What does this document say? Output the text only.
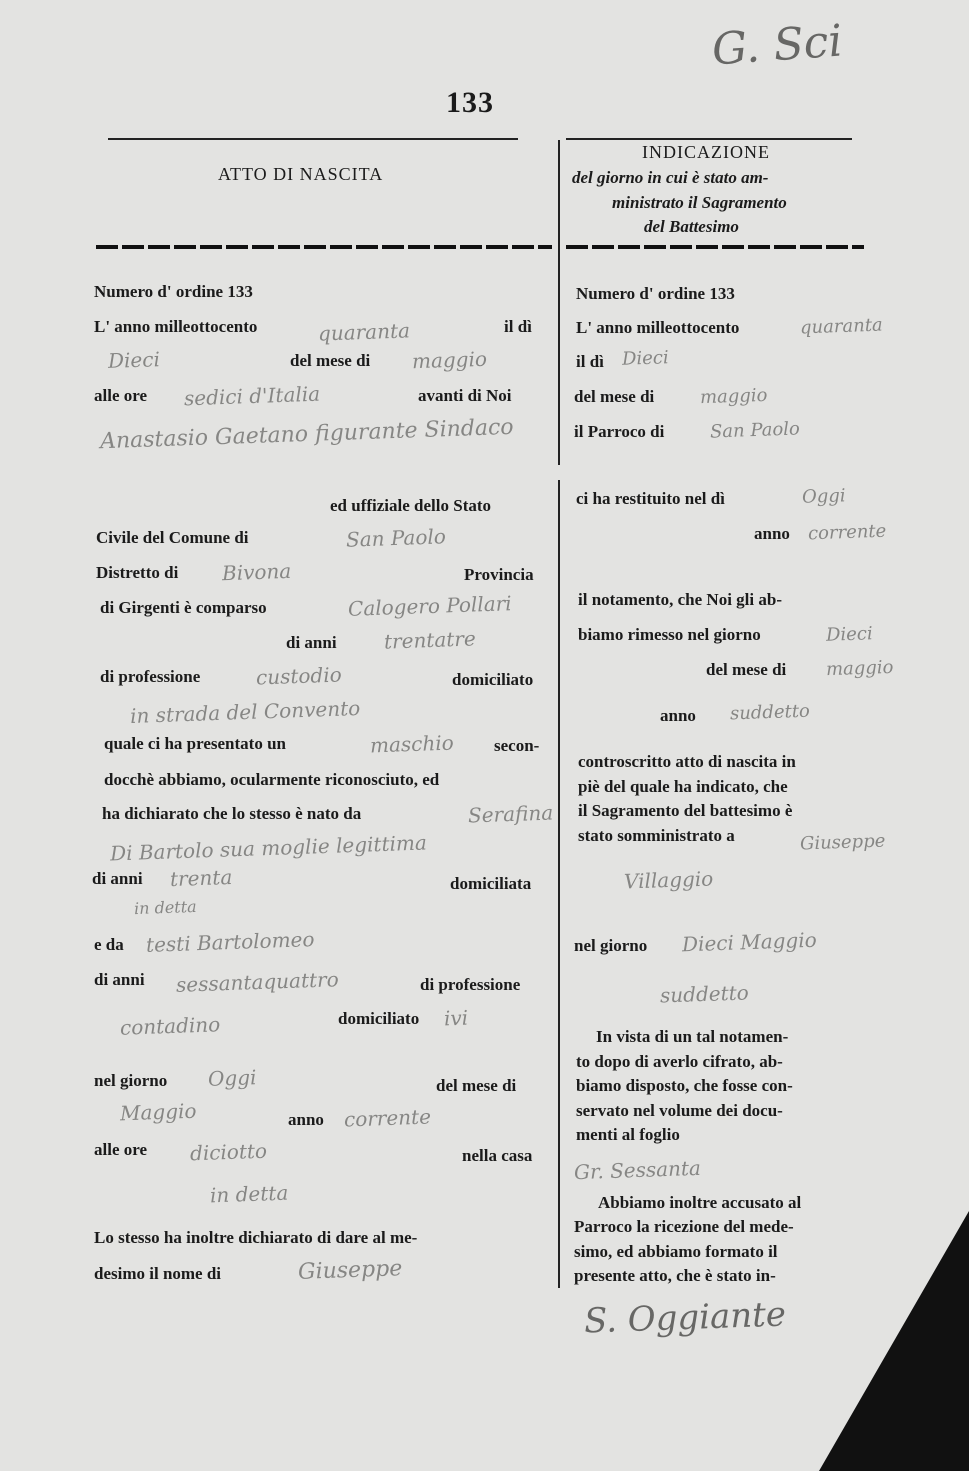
G. Sci
133
ATTO DI NASCITA
INDICAZIONE
del giorno in cui è stato am-
ministrato il Sagramento
del Battesimo
Numero d' ordine 133
L' anno milleottocento	quaranta	il dì
Dieci	del mese di maggio
alle ore sedici d'Italia	avanti di Noi
Anastasio Gaetano figurante Sindaco
ed uffiziale dello Stato
Civile del Comune di	San Paolo
Distretto di Bivona	Provincia
di Girgenti è comparso	Calogero Pollari
di anni trentatre
di professione	custodio	domiciliato
in strada del Convento
quale ci ha presentato un	maschio secon-
docchè abbiamo, ocularmente riconosciuto, ed
ha dichiarato che lo stesso è nato da	Serafina
Di Bartolo sua moglie legittima
di anni trenta	domiciliata
in detta
e da testi Bartolomeo
di anni sessantaquattro	di professione
contadino	domiciliato ivi
nel giorno Oggi	del mese di
Maggio	anno corrente
alle ore diciotto	nella casa
in detta
Lo stesso ha inoltre dichiarato di dare al me-
desimo il nome di	Giuseppe
Numero d' ordine 133
L' anno milleottocento	quaranta
il dì Dieci
del mese di	maggio
il Parroco di	San Paolo
ci ha restituito nel dì	Oggi
anno corrente
il notamento, che Noi gli ab-
biamo rimesso nel giorno	Dieci
del mese di maggio
anno suddetto
controscritto atto di nascita in
piè del quale ha indicato, che
il Sagramento del battesimo è
stato somministrato a	Giuseppe
Villaggio
nel giorno Dieci Maggio
suddetto
In vista di un tal notamen-
to dopo di averlo cifrato, ab-
biamo disposto, che fosse con-
servato nel volume dei docu-
menti al foglio
Gr. Sessanta
Abbiamo inoltre accusato al
Parroco la ricezione del mede-
simo, ed abbiamo formato il
presente atto, che è stato in-
S. Oggiante
